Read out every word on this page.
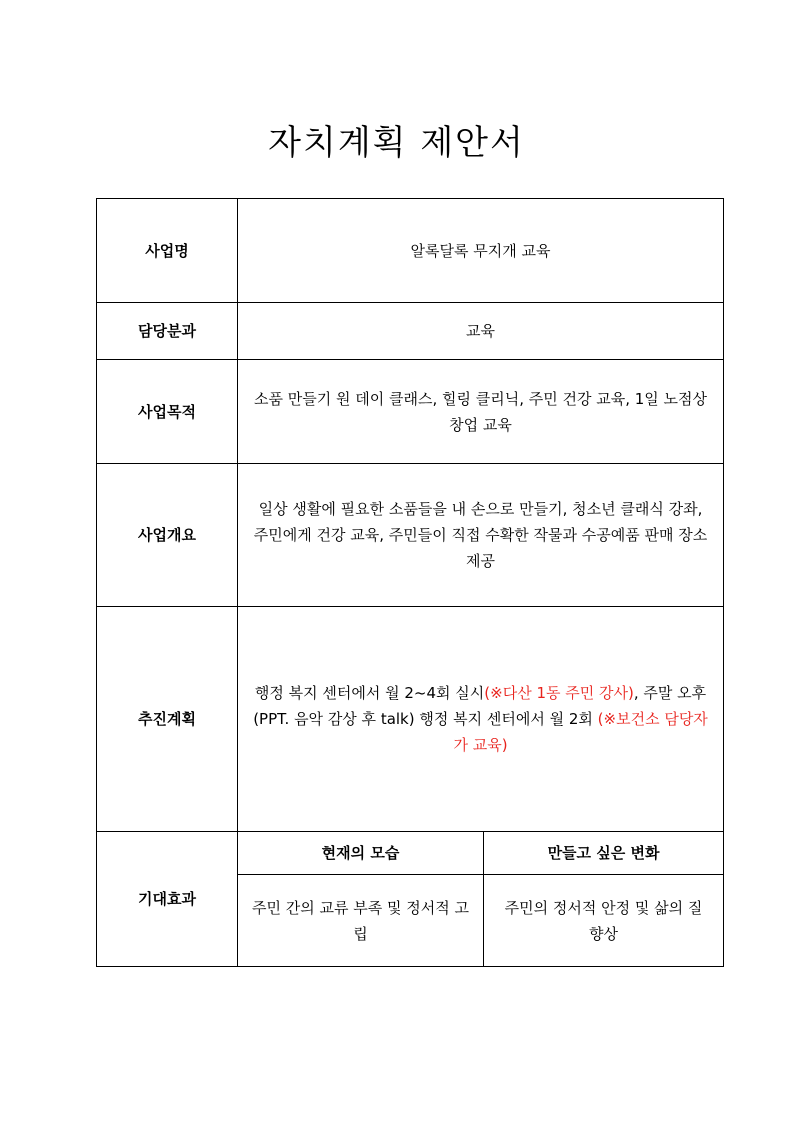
자치계획 제안서
사업명	알록달록 무지개 교육	
담당분과	교육	
사업목적	소품 만들기 원 데이 클래스, 힐링 클리닉, 주민 건강 교육, 1일 노점상 창업 교육	
사업개요	일상 생활에 필요한 소품들을 내 손으로 만들기, 청소년 클래식 강좌, 주민에게 건강 교육, 주민들이 직접 수확한 작물과 수공예품 판매 장소 제공	
추진계획	행정 복지 센터에서 월 2~4회 실시(※다산 1동 주민 강사), 주말 오후 (PPT. 음악 감상 후 talk) 행정 복지 센터에서 월 2회 (※보건소 담당자가 교육)	
기대효과	현재의 모습	만들고 싶은 변화
	주민 간의 교류 부족 및 정서적 고립	주민의 정서적 안정 및 삶의 질 향상
